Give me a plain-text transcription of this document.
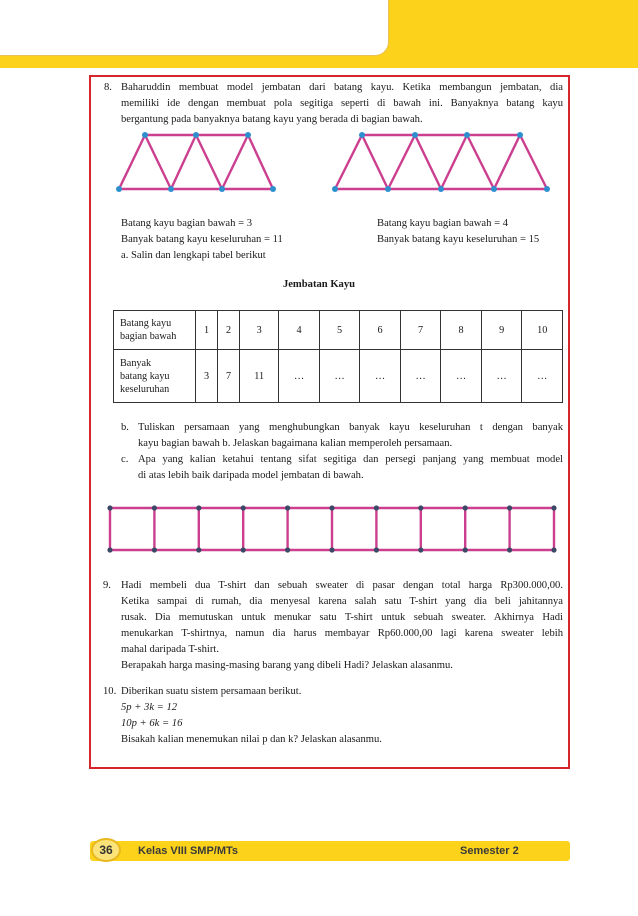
8. Baharuddin membuat model jembatan dari batang kayu. Ketika membangun jembatan, dia

memiliki ide dengan membuat pola segitiga seperti di bawah ini. Banyaknya batang kayu

bergantung pada banyaknya batang kayu yang berada di bagian bawah.

Batang kayu bagian bawah = 3

Banyak batang kayu keseluruhan = 11

Batang kayu bagian bawah = 4

Banyak batang kayu keseluruhan = 15

a. Salin dan lengkapi tabel berikut

Jembatan Kayu

Batang kayu
bagian bawah	1	2	3	4	5	6	7	8	9	10
Banyak
batang kayu
keseluruhan	3	7	11	…	…	…	…	…	…	…

b. Tuliskan persamaan yang menghubungkan banyak kayu keseluruhan t dengan banyak

kayu bagian bawah b. Jelaskan bagaimana kalian memperoleh persamaan.

c. Apa yang kalian ketahui tentang sifat segitiga dan persegi panjang yang membuat model

di atas lebih baik daripada model jembatan di bawah.

9. Hadi membeli dua T-shirt dan sebuah sweater di pasar dengan total harga Rp300.000,00.

Ketika sampai di rumah, dia menyesal karena salah satu T-shirt yang dia beli jahitannya

rusak. Dia memutuskan untuk menukar satu T-shirt untuk sebuah sweater. Akhirnya Hadi

menukarkan T-shirtnya, namun dia harus membayar Rp60.000,00 lagi karena sweater lebih

mahal daripada T-shirt.

Berapakah harga masing-masing barang yang dibeli Hadi? Jelaskan alasanmu.

10. Diberikan suatu sistem persamaan berikut.

5p + 3k = 12

10p + 6k = 16

Bisakah kalian menemukan nilai p dan k? Jelaskan alasanmu.

36	Kelas VIII SMP/MTs	Semester 2
